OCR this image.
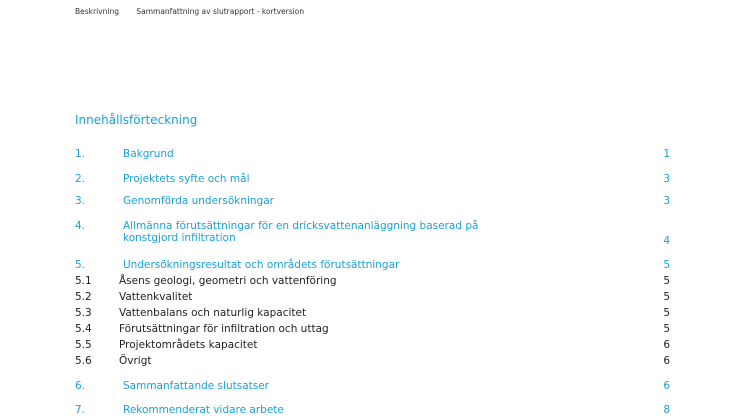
Beskrivning Sammanfattning av slutrapport - kortversion
Innehållsförteckning
1.	Bakgrund	1
2.	Projektets syfte och mål	3
3.	Genomförda undersökningar	3
4.	Allmänna förutsättningar för en dricksvattenanläggning baserad på
konstgjord infiltration	4
5.	Undersökningsresultat och områdets förutsättningar	5
5.1	Åsens geologi, geometri och vattenföring	5
5.2	Vattenkvalitet	5
5.3	Vattenbalans och naturlig kapacitet	5
5.4	Förutsättningar för infiltration och uttag	5
5.5	Projektområdets kapacitet	6
5.6	Övrigt	6
6.	Sammanfattande slutsatser	6
7.	Rekommenderat vidare arbete	8
